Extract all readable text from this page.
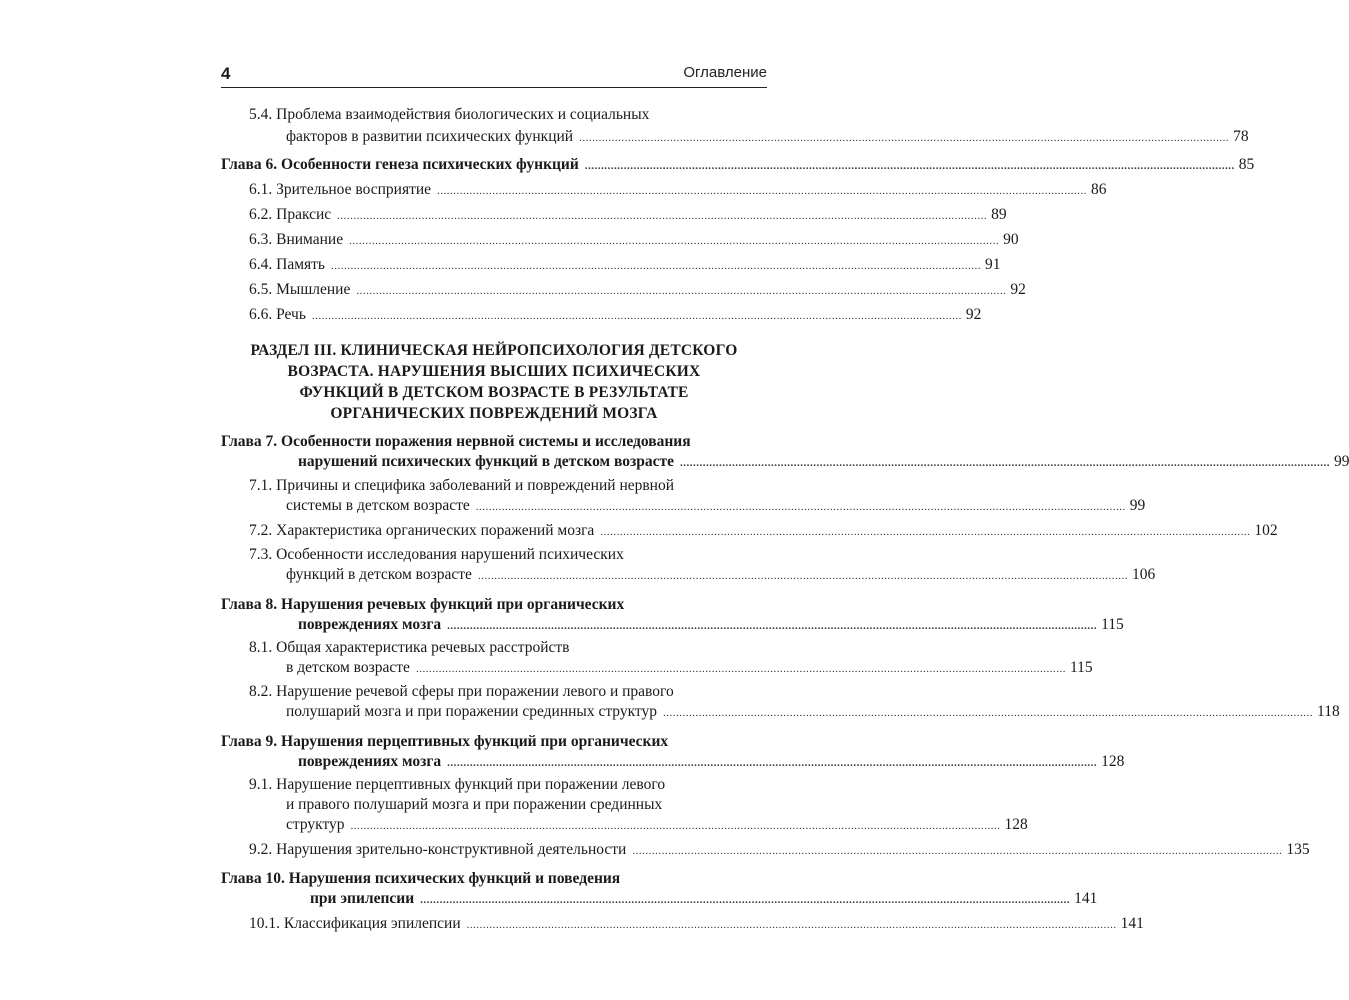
4	Оглавление
5.4. Проблема взаимодействия биологических и социальных
факторов в развитии психических функций ........................................................................................................................................................................................................ 78
Глава 6. Особенности генеза психических функций ........................................................................................................................................................................................................ 85
6.1. Зрительное восприятие ........................................................................................................................................................................................................ 86
6.2. Праксис ........................................................................................................................................................................................................ 89
6.3. Внимание ........................................................................................................................................................................................................ 90
6.4. Память ........................................................................................................................................................................................................ 91
6.5. Мышление ........................................................................................................................................................................................................ 92
6.6. Речь ........................................................................................................................................................................................................ 92
РАЗДЕЛ III. КЛИНИЧЕСКАЯ НЕЙРОПСИХОЛОГИЯ ДЕТСКОГО
ВОЗРАСТА. НАРУШЕНИЯ ВЫСШИХ ПСИХИЧЕСКИХ
ФУНКЦИЙ В ДЕТСКОМ ВОЗРАСТЕ В РЕЗУЛЬТАТЕ
ОРГАНИЧЕСКИХ ПОВРЕЖДЕНИЙ МОЗГА
Глава 7. Особенности поражения нервной системы и исследования
нарушений психических функций в детском возрасте ........................................................................................................................................................................................................ 99
7.1. Причины и специфика заболеваний и повреждений нервной
системы в детском возрасте ........................................................................................................................................................................................................ 99
7.2. Характеристика органических поражений мозга ........................................................................................................................................................................................................ 102
7.3. Особенности исследования нарушений психических
функций в детском возрасте ........................................................................................................................................................................................................ 106
Глава 8. Нарушения речевых функций при органических
повреждениях мозга ........................................................................................................................................................................................................ 115
8.1. Общая характеристика речевых расстройств
в детском возрасте ........................................................................................................................................................................................................ 115
8.2. Нарушение речевой сферы при поражении левого и правого
полушарий мозга и при поражении срединных структур ........................................................................................................................................................................................................ 118
Глава 9. Нарушения перцептивных функций при органических
повреждениях мозга ........................................................................................................................................................................................................ 128
9.1. Нарушение перцептивных функций при поражении левого
и правого полушарий мозга и при поражении срединных
структур ........................................................................................................................................................................................................ 128
9.2. Нарушения зрительно-конструктивной деятельности ........................................................................................................................................................................................................ 135
Глава 10. Нарушения психических функций и поведения
при эпилепсии ........................................................................................................................................................................................................ 141
10.1. Классификация эпилепсии ........................................................................................................................................................................................................ 141
